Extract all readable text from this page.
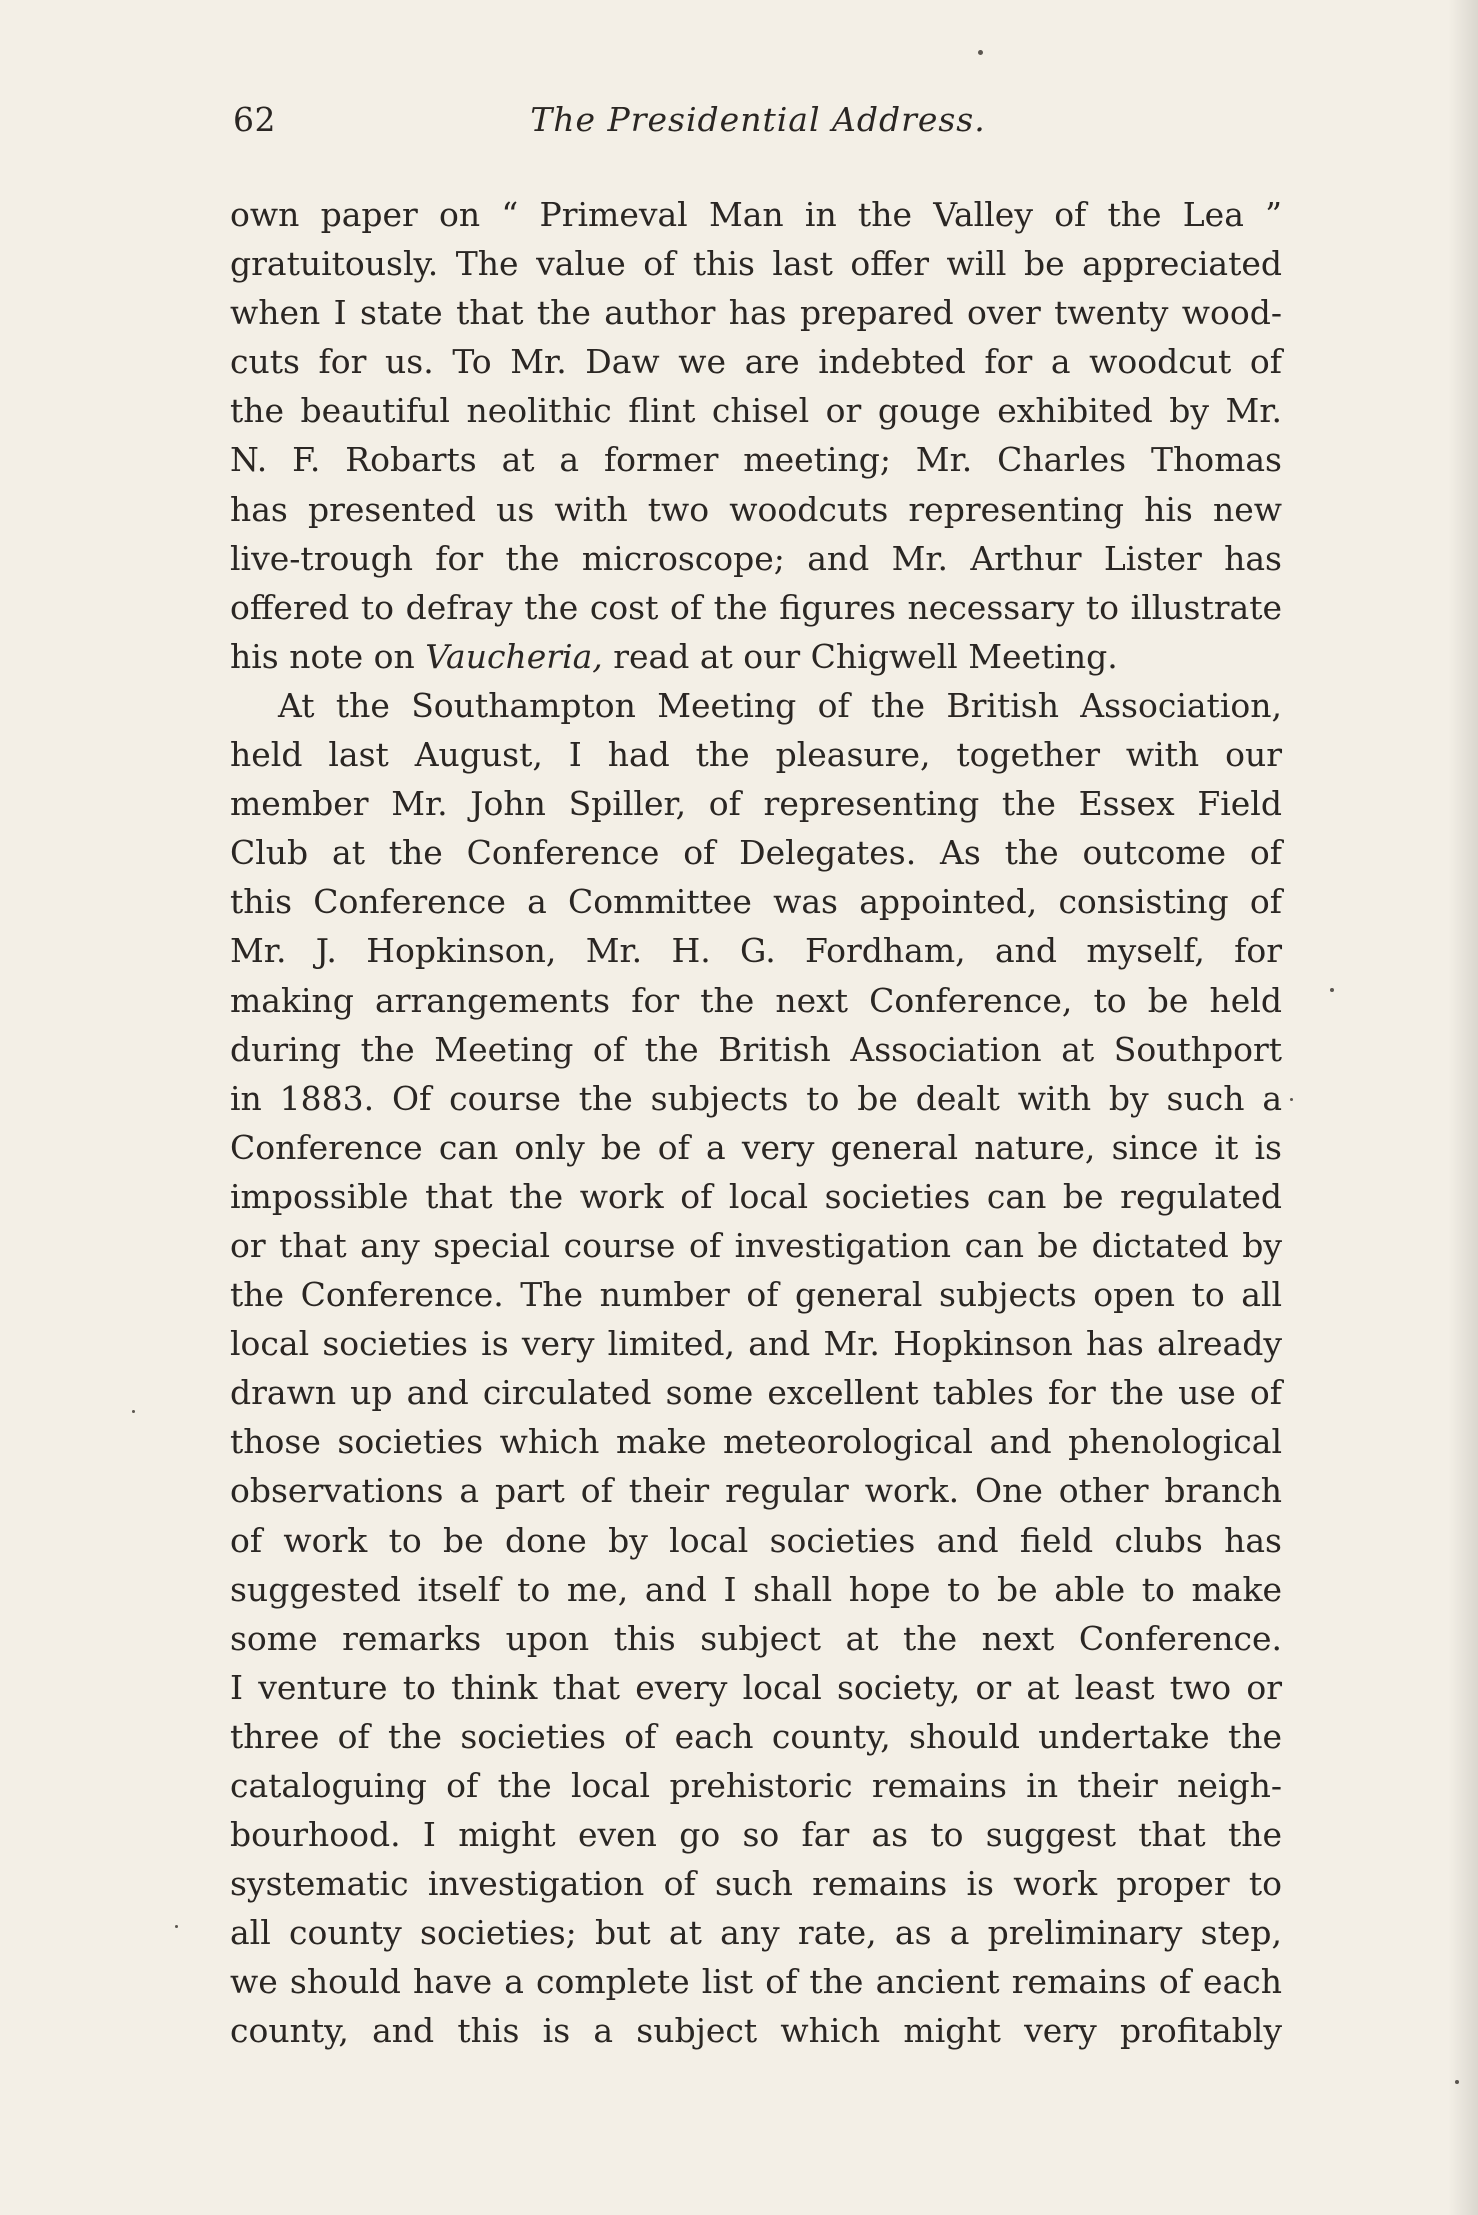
62	The Presidential Address.
own paper on “ Primeval Man in the Valley of the Lea ”
gratuitously. The value of this last offer will be appreciated
when I state that the author has prepared over twenty wood-
cuts for us. To Mr. Daw we are indebted for a woodcut of
the beautiful neolithic flint chisel or gouge exhibited by Mr.
N. F. Robarts at a former meeting; Mr. Charles Thomas
has presented us with two woodcuts representing his new
live-trough for the microscope; and Mr. Arthur Lister has
offered to defray the cost of the figures necessary to illustrate
his note on Vaucheria, read at our Chigwell Meeting.
At the Southampton Meeting of the British Association,
held last August, I had the pleasure, together with our
member Mr. John Spiller, of representing the Essex Field
Club at the Conference of Delegates. As the outcome of
this Conference a Committee was appointed, consisting of
Mr. J. Hopkinson, Mr. H. G. Fordham, and myself, for
making arrangements for the next Conference, to be held
during the Meeting of the British Association at Southport
in 1883. Of course the subjects to be dealt with by such a
Conference can only be of a very general nature, since it is
impossible that the work of local societies can be regulated
or that any special course of investigation can be dictated by
the Conference. The number of general subjects open to all
local societies is very limited, and Mr. Hopkinson has already
drawn up and circulated some excellent tables for the use of
those societies which make meteorological and phenological
observations a part of their regular work. One other branch
of work to be done by local societies and field clubs has
suggested itself to me, and I shall hope to be able to make
some remarks upon this subject at the next Conference.
I venture to think that every local society, or at least two or
three of the societies of each county, should undertake the
cataloguing of the local prehistoric remains in their neigh-
bourhood. I might even go so far as to suggest that the
systematic investigation of such remains is work proper to
all county societies; but at any rate, as a preliminary step,
we should have a complete list of the ancient remains of each
county, and this is a subject which might very profitably
